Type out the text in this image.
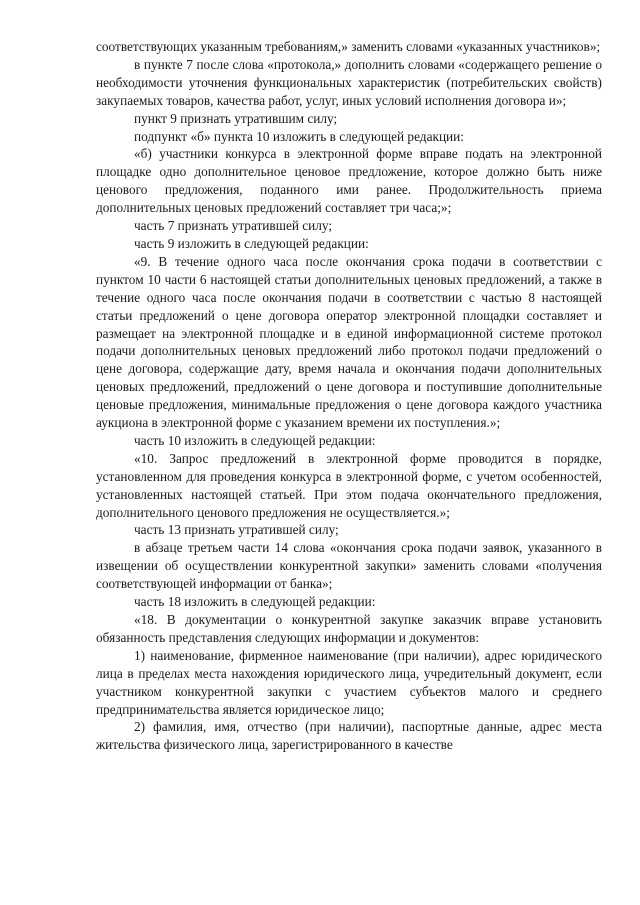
соответствующих указанным требованиям,» заменить словами «указанных участников»;

в пункте 7 после слова «протокола,» дополнить словами «содержащего решение о необходимости уточнения функциональных характеристик (потребительских свойств) закупаемых товаров, качества работ, услуг, иных условий исполнения договора и»;

пункт 9 признать утратившим силу;

подпункт «б» пункта 10 изложить в следующей редакции:

«б) участники конкурса в электронной форме вправе подать на электронной площадке одно дополнительное ценовое предложение, которое должно быть ниже ценового предложения, поданного ими ранее. Продолжительность приема дополнительных ценовых предложений составляет три часа;»;

часть 7 признать утратившей силу;

часть 9 изложить в следующей редакции:

«9. В течение одного часа после окончания срока подачи в соответствии с пунктом 10 части 6 настоящей статьи дополнительных ценовых предложений, а также в течение одного часа после окончания подачи в соответствии с частью 8 настоящей статьи предложений о цене договора оператор электронной площадки составляет и размещает на электронной площадке и в единой информационной системе протокол подачи дополнительных ценовых предложений либо протокол подачи предложений о цене договора, содержащие дату, время начала и окончания подачи дополнительных ценовых предложений, предложений о цене договора и поступившие дополнительные ценовые предложения, минимальные предложения о цене договора каждого участника аукциона в электронной форме с указанием времени их поступления.»;

часть 10 изложить в следующей редакции:

«10. Запрос предложений в электронной форме проводится в порядке, установленном для проведения конкурса в электронной форме, с учетом особенностей, установленных настоящей статьей. При этом подача окончательного предложения, дополнительного ценового предложения не осуществляется.»;

часть 13 признать утратившей силу;

в абзаце третьем части 14 слова «окончания срока подачи заявок, указанного в извещении об осуществлении конкурентной закупки» заменить словами «получения соответствующей информации от банка»;

часть 18 изложить в следующей редакции:

«18. В документации о конкурентной закупке заказчик вправе установить обязанность представления следующих информации и документов:

1) наименование, фирменное наименование (при наличии), адрес юридического лица в пределах места нахождения юридического лица, учредительный документ, если участником конкурентной закупки с участием субъектов малого и среднего предпринимательства является юридическое лицо;

2) фамилия, имя, отчество (при наличии), паспортные данные, адрес места жительства физического лица, зарегистрированного в качестве
